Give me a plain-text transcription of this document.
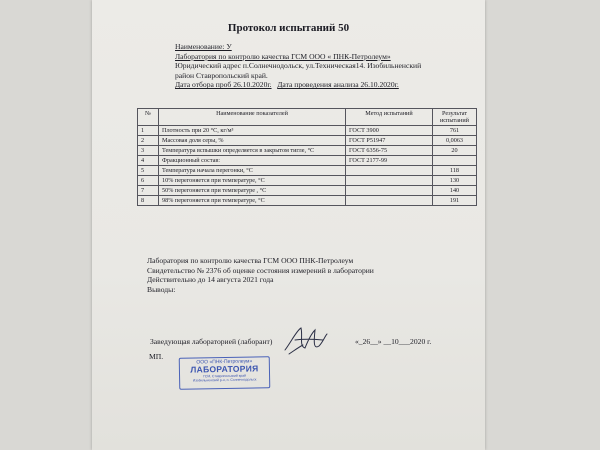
Протокол испытаний 50
Наименование: У
Лаборатория по контролю качества ГСМ ООО « ПНК-Петролеум»
Юридический адрес п.Солнечнодольск, ул.Техническая14. Изобильненский
район Ставропольский край.
Дата отбора проб 26.10.2020г. Дата проведения анализа 26.10.2020г.
№	Наименование показателей	Метод испытаний	Результат испытаний
1	Плотность при 20 °С, кг/м³	ГОСТ 3900	761
2	Массовая доля серы, %	ГОСТ Р51947	0,0063
3	Температура вспышки определяется в закрытом тигле, °С	ГОСТ 6356-75	20
4	Фракционный состав:	ГОСТ 2177-99	
5	Температура начала перегонки, °С		118
6	10% перегоняется при температуре, °С		130
7	50% перегоняется при температуре , °С		140
8	98% перегоняется при температуре, °С		191
Лаборатория по контролю качества ГСМ ООО ПНК-Петролеум
Свидетельство № 2376 об оценке состояния измерений в лаборатории
Действительно до 14 августа 2021 года
Выводы:
Заведующая лабораторией (лаборант)	«_26__» __10___2020 г.
МП.
ООО «ПНК-Петролеум»
ЛАБОРАТОРИЯ
ГСМ, Ставропольский край
Изобильненский р-н, п. Солнечнодольск
